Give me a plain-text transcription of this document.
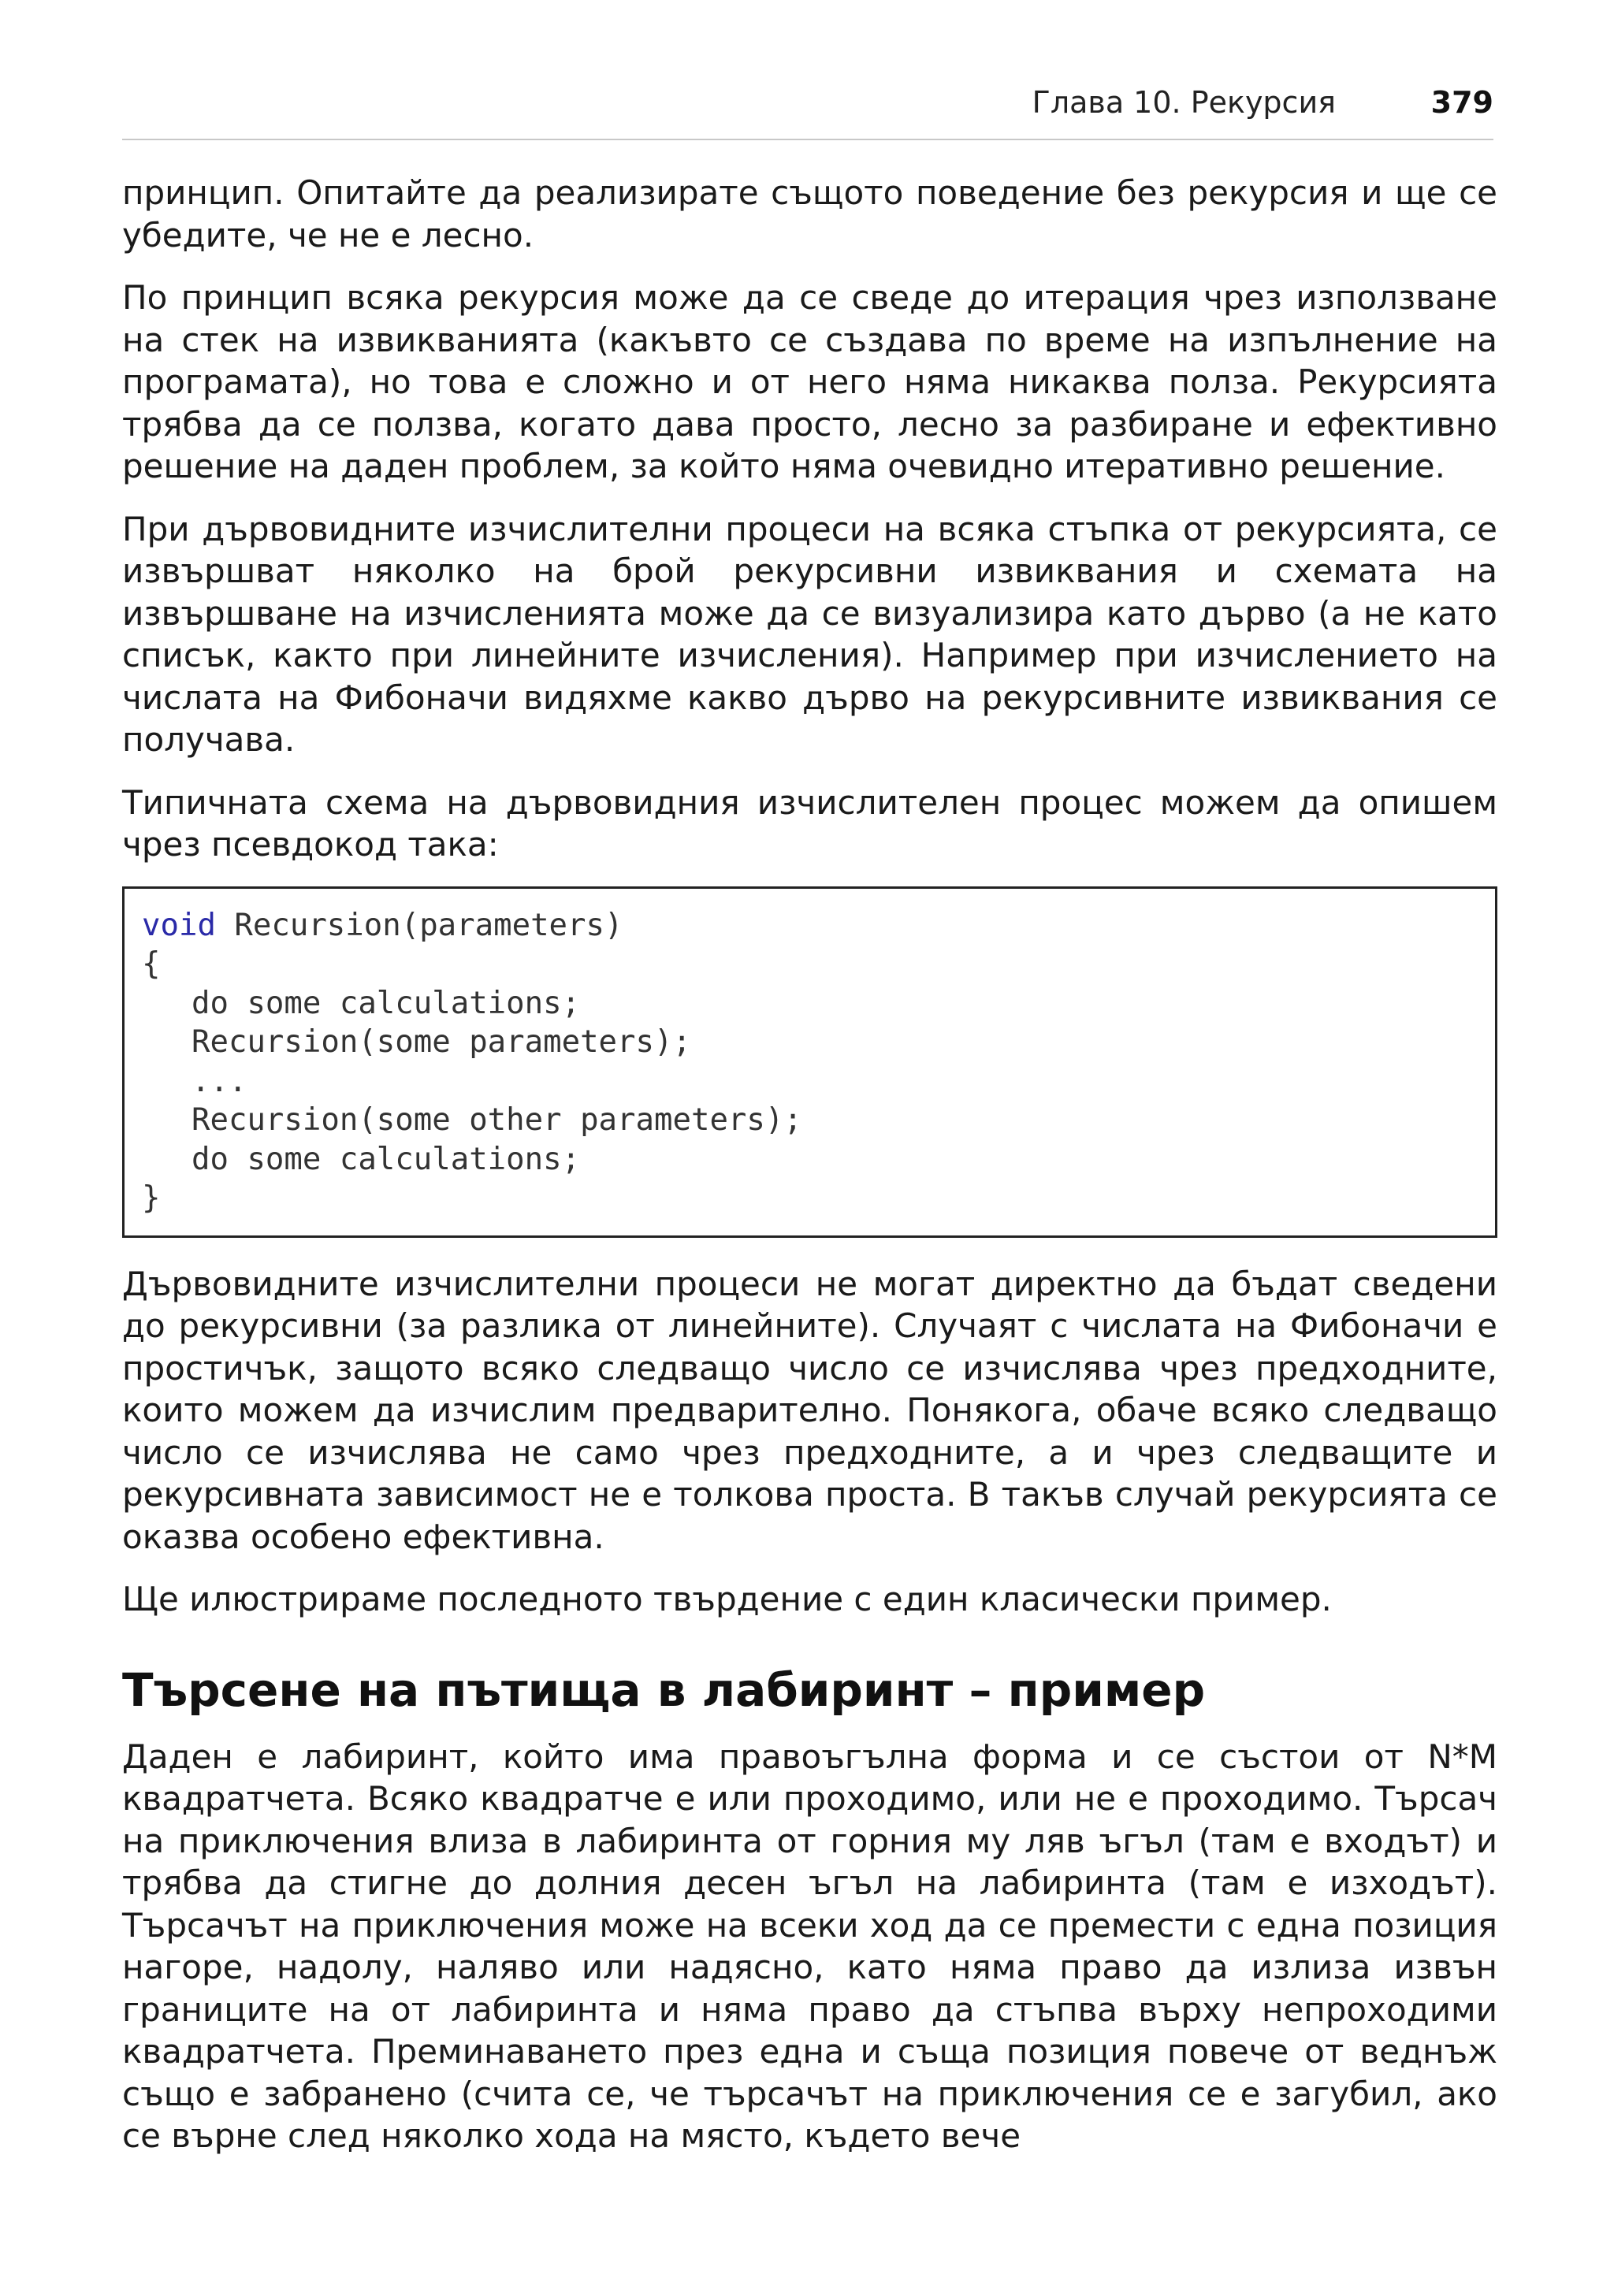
Глава 10. Рекурсия	379

принцип. Опитайте да реализирате същото поведение без рекурсия и ще се убедите, че не е лесно.

По принцип всяка рекурсия може да се сведе до итерация чрез използване на стек на извикванията (какъвто се създава по време на изпълнение на програмата), но това е сложно и от него няма никаква полза. Рекурсията трябва да се ползва, когато дава просто, лесно за разбиране и ефективно решение на даден проблем, за който няма очевидно итеративно решение.

При дървовидните изчислителни процеси на всяка стъпка от рекурсията, се извършват няколко на брой рекурсивни извиквания и схемата на извършване на изчисленията може да се визуализира като дърво (а не като списък, както при линейните изчисления). Например при изчислението на числата на Фибоначи видяхме какво дърво на рекурсивните извиквания се получава.

Типичната схема на дървовидния изчислителен процес можем да опишем чрез псевдокод така:

void Recursion(parameters)
{
do some calculations;
Recursion(some parameters);
...
Recursion(some other parameters);
do some calculations;
}

Дървовидните изчислителни процеси не могат директно да бъдат сведени до рекурсивни (за разлика от линейните). Случаят с числата на Фибоначи е простичък, защото всяко следващо число се изчислява чрез предходните, които можем да изчислим предварително. Понякога, обаче всяко следващо число се изчислява не само чрез предходните, а и чрез следващите и рекурсивната зависимост не е толкова проста. В такъв случай рекурсията се оказва особено ефективна.

Ще илюстрираме последното твърдение с един класически пример.

Търсене на пътища в лабиринт – пример

Даден е лабиринт, който има правоъгълна форма и се състои от N*M квадратчета. Всяко квадратче е или проходимо, или не е проходимо. Търсач на приключения влиза в лабиринта от горния му ляв ъгъл (там е входът) и трябва да стигне до долния десен ъгъл на лабиринта (там е изходът). Търсачът на приключения може на всеки ход да се премести с една позиция нагоре, надолу, наляво или надясно, като няма право да излиза извън границите на от лабиринта и няма право да стъпва върху непроходими квадратчета. Преминаването през една и съща позиция повече от веднъж също е забранено (счита се, че търсачът на приключения се е загубил, ако се върне след няколко хода на място, където вече
